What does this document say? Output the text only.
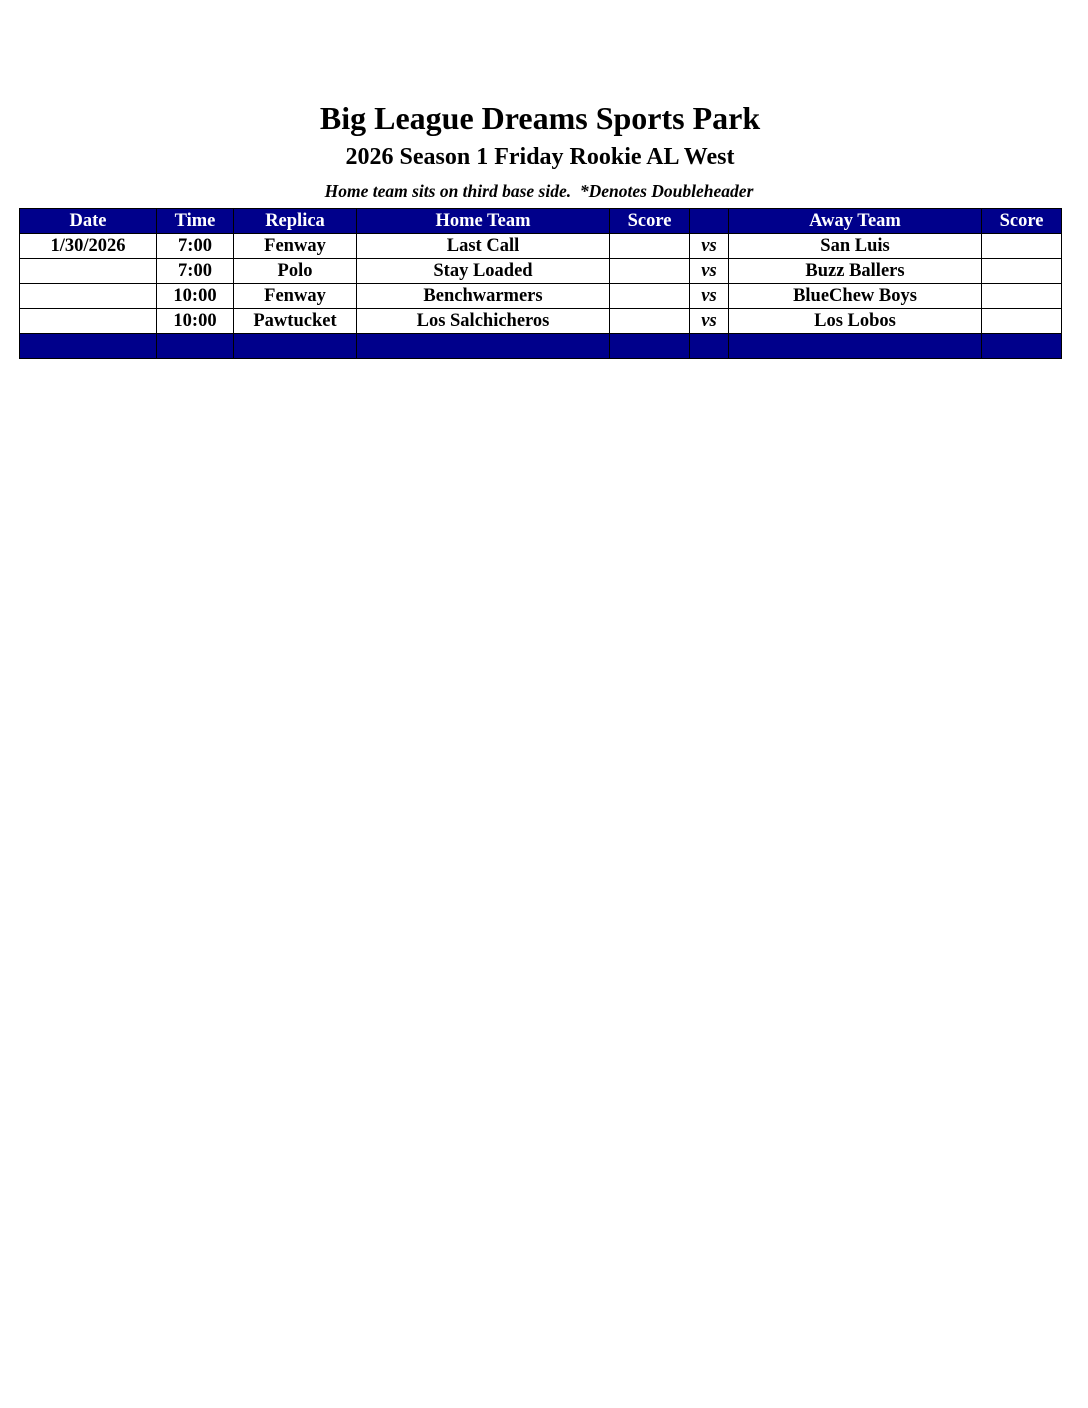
Big League Dreams Sports Park
2026 Season 1 Friday Rookie AL West
Home team sits on third base side.  *Denotes Doubleheader
Date	Time	Replica	Home Team	Score		Away Team	Score
1/30/2026	7:00	Fenway	Last Call		vs	San Luis	
	7:00	Polo	Stay Loaded		vs	Buzz Ballers	
	10:00	Fenway	Benchwarmers		vs	BlueChew Boys	
	10:00	Pawtucket	Los Salchicheros		vs	Los Lobos	
